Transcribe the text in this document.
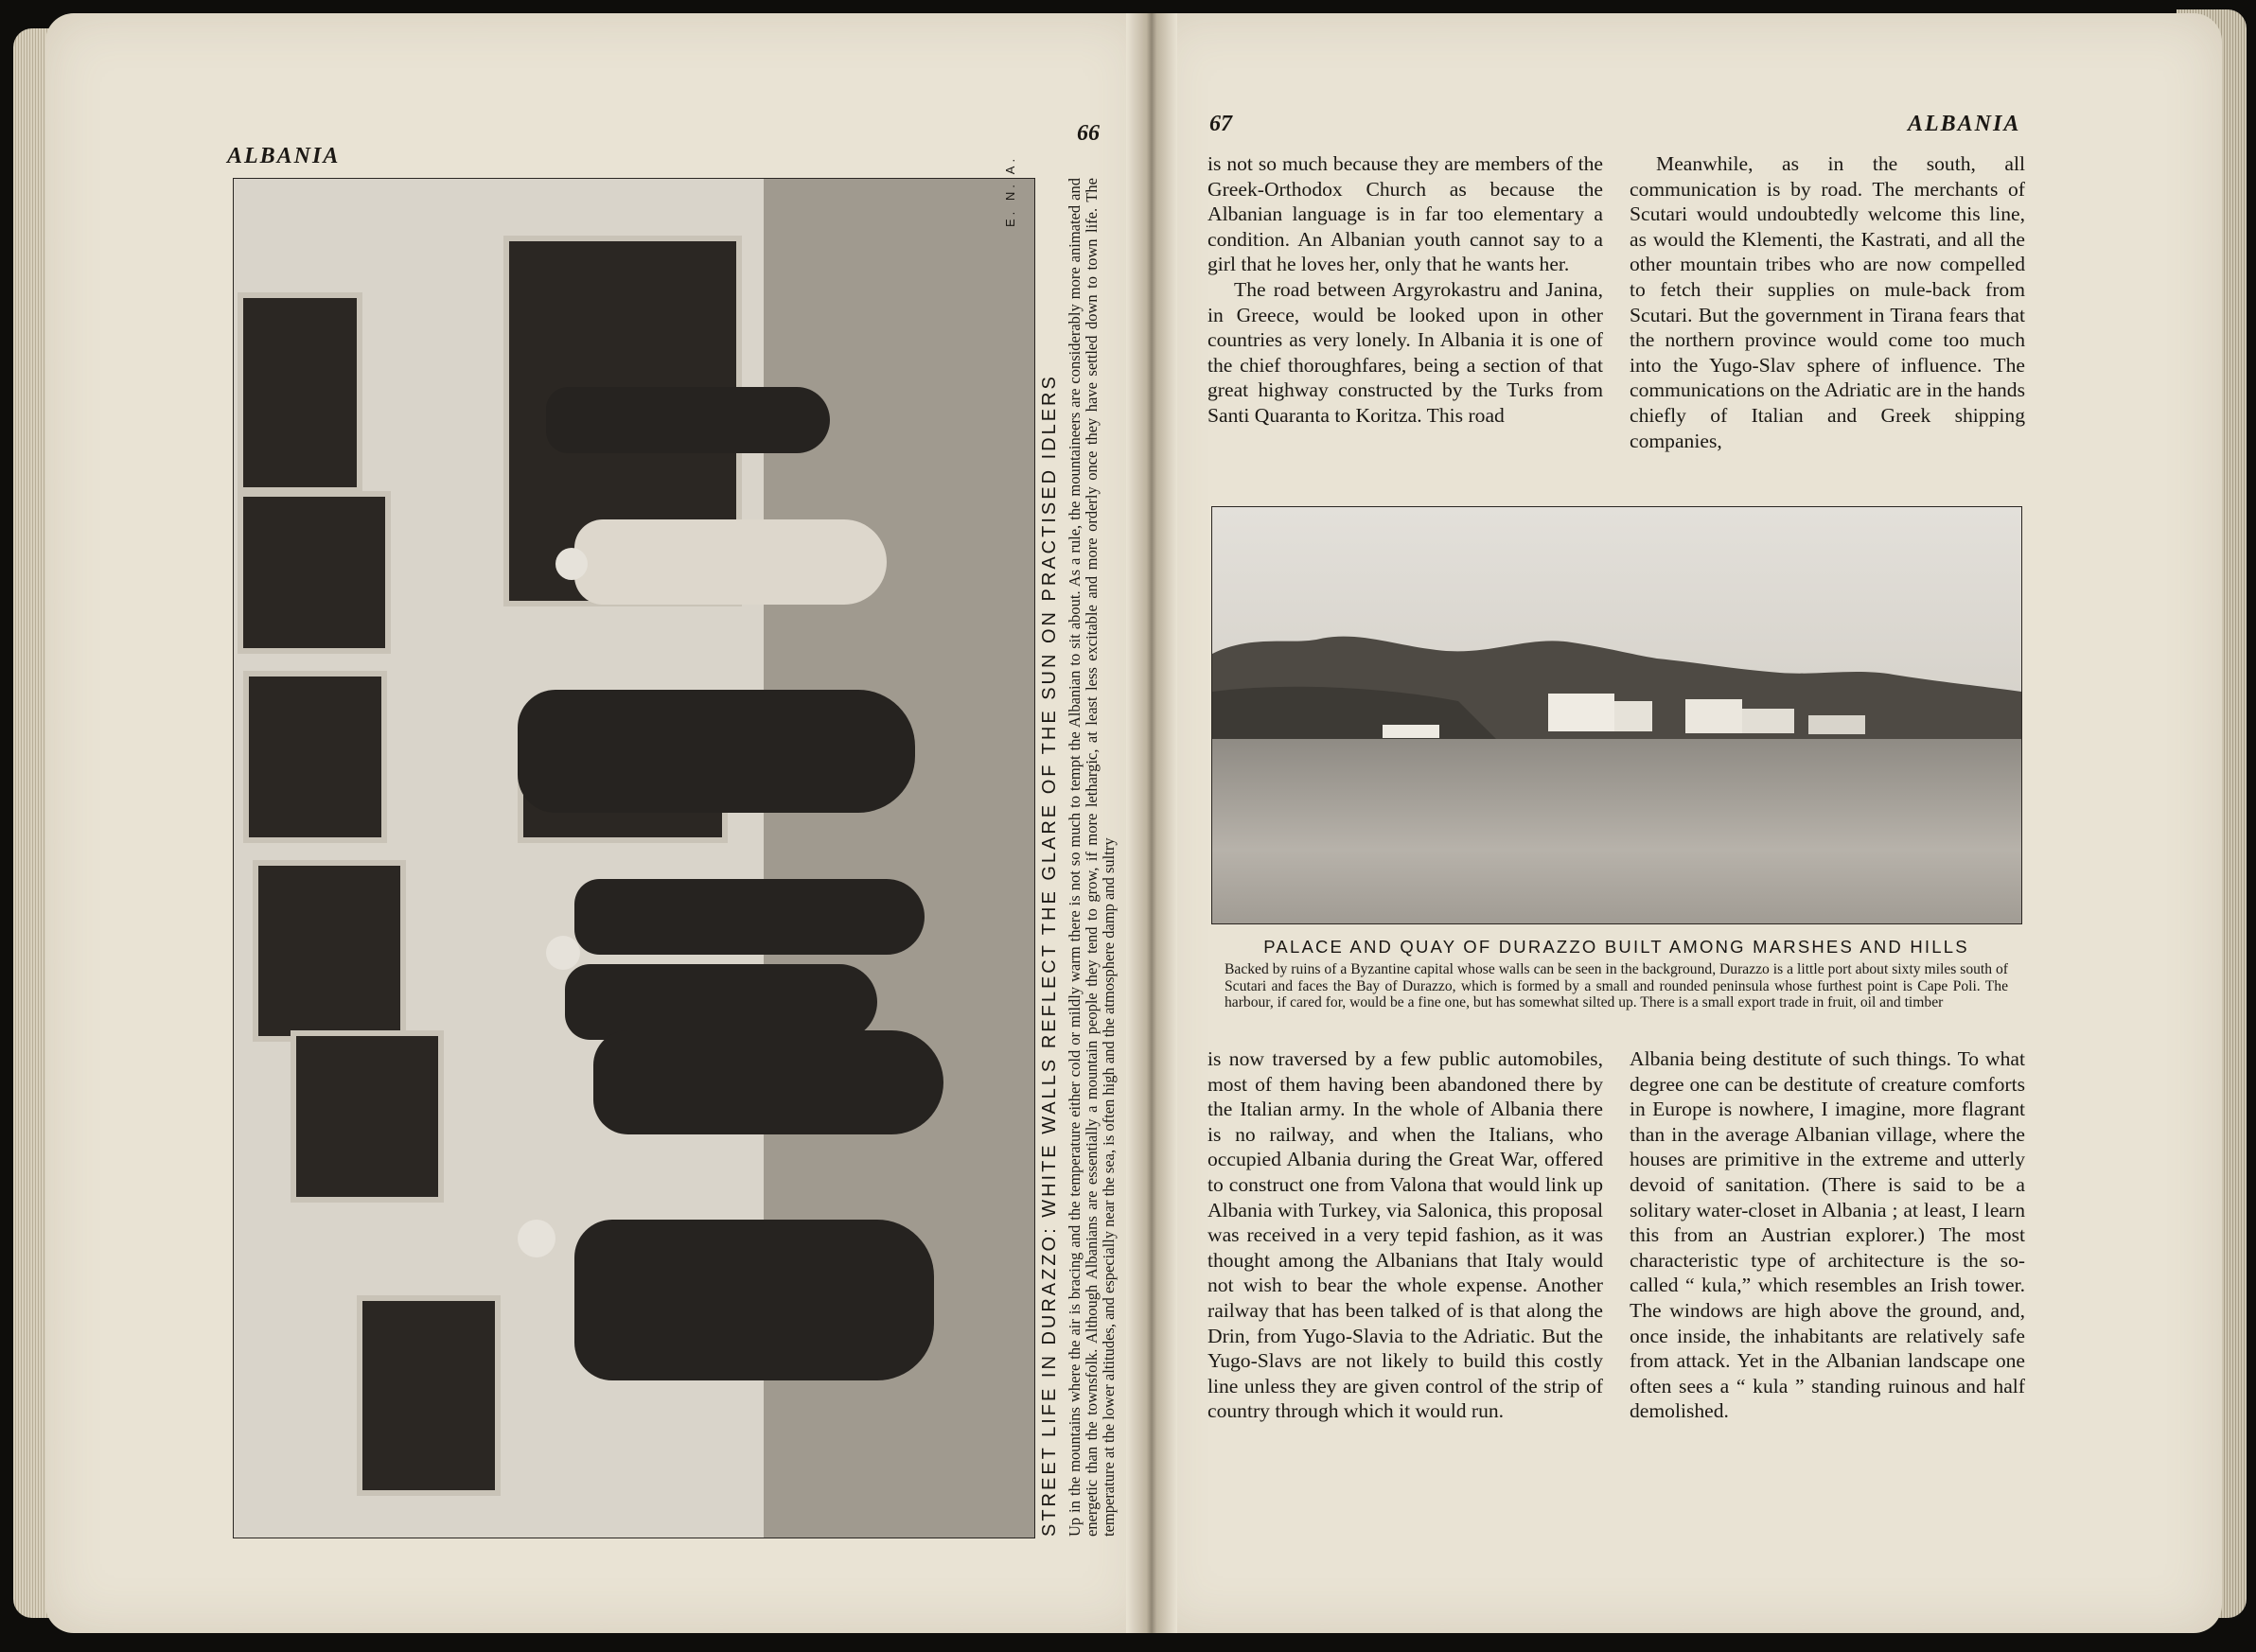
ALBANIA
66
E. N. A.
STREET LIFE IN DURAZZO: WHITE WALLS REFLECT THE GLARE OF THE SUN ON PRACTISED IDLERS Up in the mountains where the air is bracing and the temperature either cold or mildly warm there is not so much to tempt the Albanian to sit about. As a rule, the mountaineers are considerably more animated and energetic than the townsfolk. Although Albanians are essentially a mountain people they tend to grow, if more lethargic, at least less excitable and more orderly once they have settled down to town life. The temperature at the lower altitudes, and especially near the sea, is often high and the atmosphere damp and sultry
67	ALBANIA

is not so much because they are members of the Greek-Orthodox Church as because the Albanian language is in far too elementary a condition. An Albanian youth cannot say to a girl that he loves her, only that he wants her.

The road between Argyrokastru and Janina, in Greece, would be looked upon in other countries as very lonely. In Albania it is one of the chief thoroughfares, being a section of that great highway constructed by the Turks from Santi Quaranta to Koritza. This road

Meanwhile, as in the south, all communication is by road. The merchants of Scutari would undoubtedly welcome this line, as would the Klementi, the Kastrati, and all the other mountain tribes who are now compelled to fetch their supplies on mule-back from Scutari. But the government in Tirana fears that the northern province would come too much into the Yugo-Slav sphere of influence. The communications on the Adriatic are in the hands chiefly of Italian and Greek shipping companies,

PALACE AND QUAY OF DURAZZO BUILT AMONG MARSHES AND HILLS
Backed by ruins of a Byzantine capital whose walls can be seen in the background, Durazzo is a little port about sixty miles south of Scutari and faces the Bay of Durazzo, which is formed by a small and rounded peninsula whose furthest point is Cape Poli. The harbour, if cared for, would be a fine one, but has somewhat silted up. There is a small export trade in fruit, oil and timber

is now traversed by a few public automobiles, most of them having been abandoned there by the Italian army. In the whole of Albania there is no railway, and when the Italians, who occupied Albania during the Great War, offered to construct one from Valona that would link up Albania with Turkey, via Salonica, this proposal was received in a very tepid fashion, as it was thought among the Albanians that Italy would not wish to bear the whole expense. Another railway that has been talked of is that along the Drin, from Yugo-Slavia to the Adriatic. But the Yugo-Slavs are not likely to build this costly line unless they are given control of the strip of country through which it would run.

Albania being destitute of such things. To what degree one can be destitute of creature comforts in Europe is nowhere, I imagine, more flagrant than in the average Albanian village, where the houses are primitive in the extreme and utterly devoid of sanitation. (There is said to be a solitary water-closet in Albania ; at least, I learn this from an Austrian explorer.) The most characteristic type of architecture is the so-called “ kula,” which resembles an Irish tower. The windows are high above the ground, and, once inside, the inhabitants are relatively safe from attack. Yet in the Albanian landscape one often sees a “ kula ” standing ruinous and half demolished.
